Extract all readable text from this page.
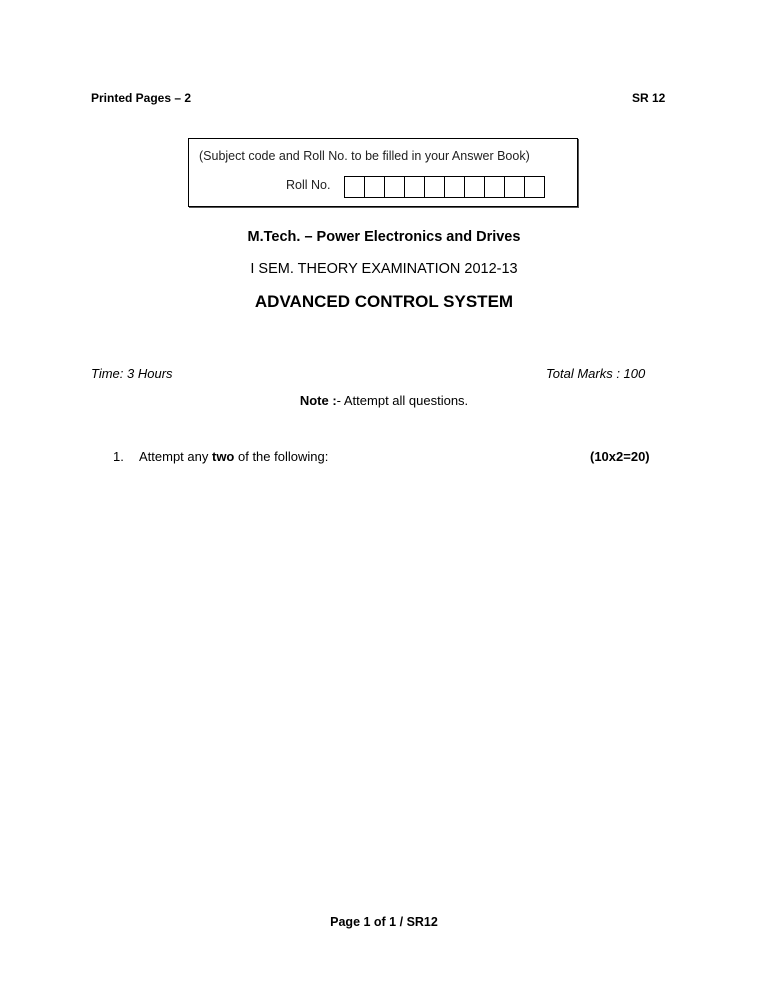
Printed Pages – 2	SR 12
(Subject code and Roll No. to be filled in your Answer Book)
Roll No.
M.Tech. – Power Electronics and Drives
I SEM. THEORY EXAMINATION 2012-13
ADVANCED CONTROL SYSTEM
Time: 3 Hours	Total Marks : 100
Note :- Attempt all questions.
1. Attempt any two of the following:	(10x2=20)
Page 1 of 1 / SR12
